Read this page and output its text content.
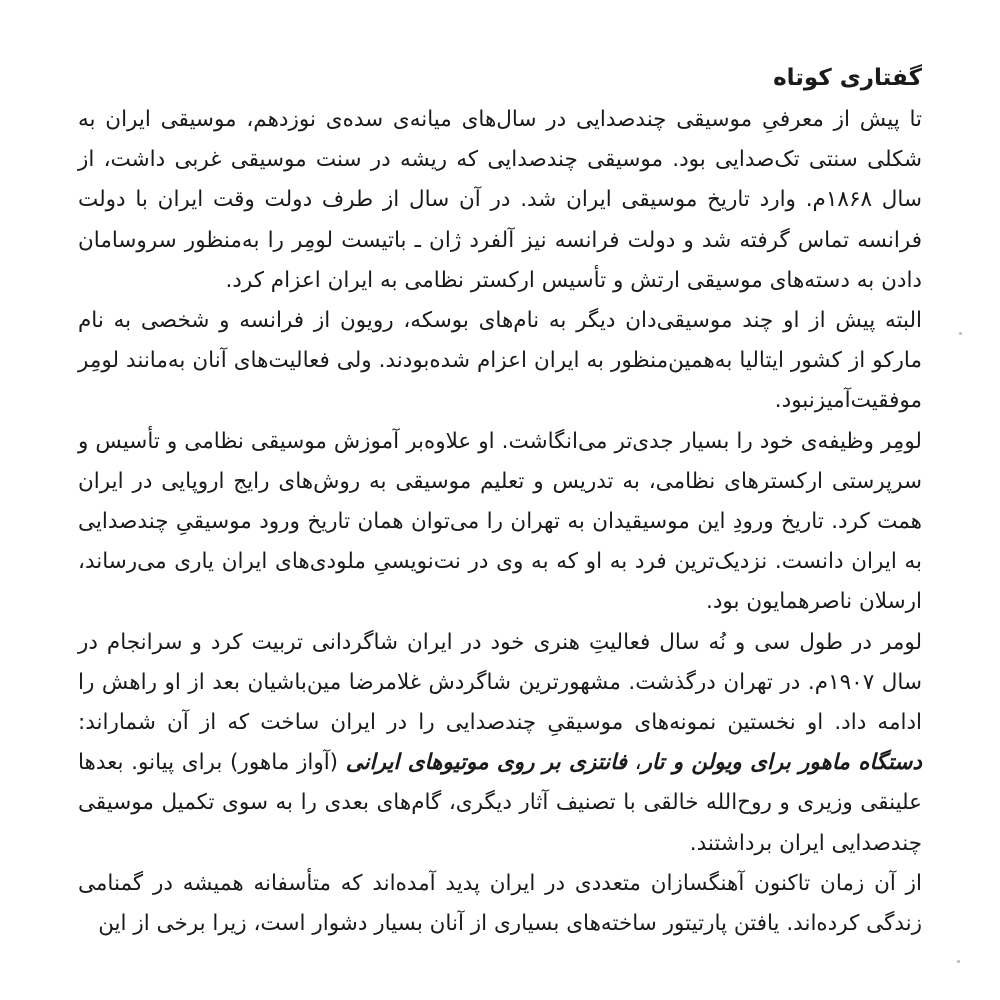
گفتاری کوتاه

تا پیش از معرفیِ موسیقی چندصدایی در سال‌های میانه‌ی سده‌ی نوزدهم، موسیقی ایران به شکلی سنتی تک‌صدایی بود. موسیقی چندصدایی که ریشه در سنت موسیقی غربی داشت، از سال ۱۸۶۸م. وارد تاریخ موسیقی ایران شد. در آن سال از طرف دولت وقت ایران با دولت فرانسه تماس گرفته شد و دولت فرانسه نیز آلفرد ژان ـ باتیست لومِر را به‌منظور سروسامان دادن به دسته‌های موسیقی ارتش و تأسیس ارکستر نظامی به ایران اعزام کرد.

البته پیش از او چند موسیقی‌دان دیگر به نام‌های بوسکه، رویون از فرانسه و شخصی به نام مارکو از کشور ایتالیا به‌همین‌منظور به ایران اعزام شده‌بودند. ولی فعالیت‌های آنان به‌مانند لومِر موفقیت‌آمیزنبود.

لومِر وظیفه‌ی خود را بسیار جدی‌تر می‌انگاشت. او علاوه‌بر آموزش موسیقی نظامی و تأسیس و سرپرستی ارکسترهای نظامی، به تدریس و تعلیم موسیقی به روش‌های رایج اروپایی در ایران همت کرد. تاریخ ورودِ این موسیقیدان به تهران را می‌توان همان تاریخ ورود موسیقیِ چندصدایی به ایران دانست. نزدیک‌ترین فرد به او که به وی در نت‌نویسیِ ملودی‌های ایران یاری می‌رساند، ارسلان ناصرهمایون بود.

لومر در طول سی و نُه سال فعالیتِ هنری خود در ایران شاگردانی تربیت کرد و سرانجام در سال ۱۹۰۷م. در تهران درگذشت. مشهورترین شاگردش غلامرضا مین‌باشیان بعد از او راهش را ادامه داد. او نخستین نمونه‌های موسیقیِ چندصدایی را در ایران ساخت که از آن شماراند: دستگاه ماهور برای ویولن و تار، فانتزی بر روی موتیوهای ایرانی (آواز ماهور) برای پیانو. بعدها علینقی وزیری و روح‌الله خالقی با تصنیف آثار دیگری، گام‌های بعدی را به سوی تکمیل موسیقی چندصدایی ایران برداشتند.

از آن زمان تاکنون آهنگسازان متعددی در ایران پدید آمده‌اند که متأسفانه همیشه در گمنامی زندگی کرده‌اند. یافتن پارتیتور ساخته‌های بسیاری از آنان بسیار دشوار است، زیرا برخی از این
